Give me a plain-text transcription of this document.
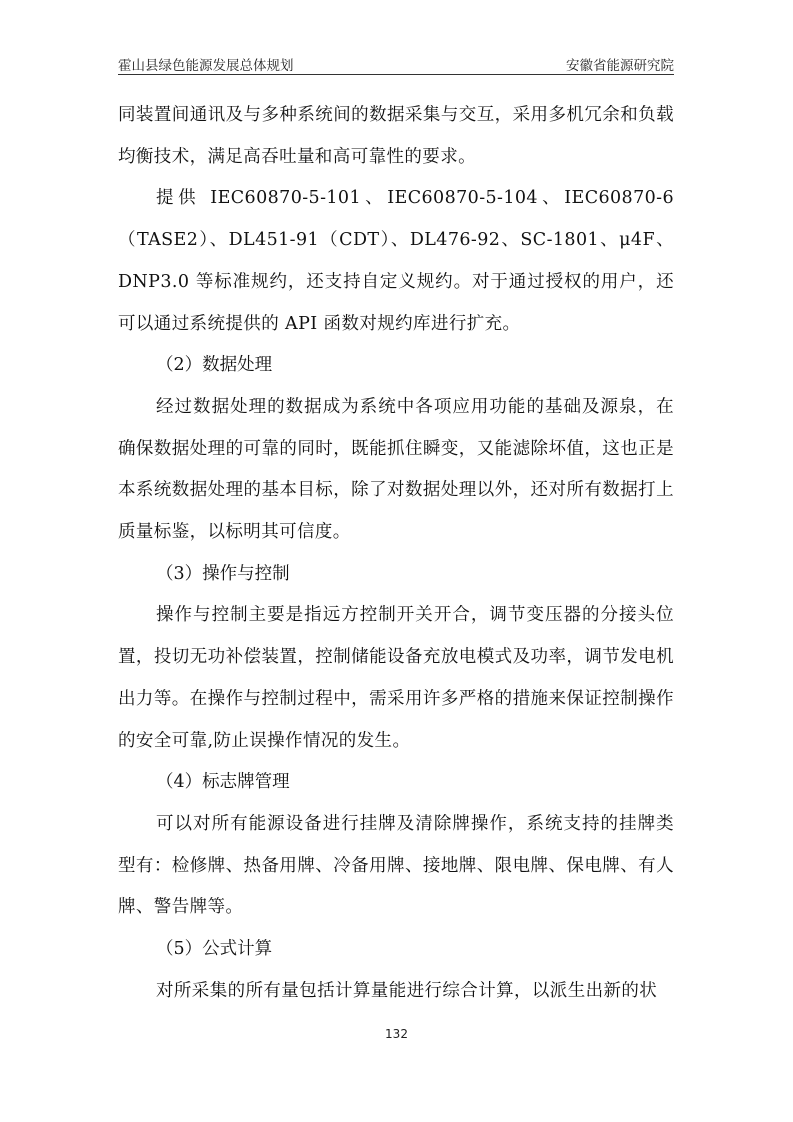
霍山县绿色能源发展总体规划	安徽省能源研究院

同装置间通讯及与多种系统间的数据采集与交互，采用多机冗余和负载均衡技术，满足高吞吐量和高可靠性的要求。

提供 IEC60870-5-101、IEC60870-5-104、IEC60870-6（TASE2）、DL451-91（CDT）、DL476-92、SC-1801、μ4F、DNP3.0 等标准规约，还支持自定义规约。对于通过授权的用户，还可以通过系统提供的 API 函数对规约库进行扩充。

（2）数据处理

经过数据处理的数据成为系统中各项应用功能的基础及源泉，在确保数据处理的可靠的同时，既能抓住瞬变，又能滤除坏值，这也正是本系统数据处理的基本目标，除了对数据处理以外，还对所有数据打上质量标鉴，以标明其可信度。

（3）操作与控制

操作与控制主要是指远方控制开关开合，调节变压器的分接头位置，投切无功补偿装置，控制储能设备充放电模式及功率，调节发电机出力等。在操作与控制过程中，需采用许多严格的措施来保证控制操作的安全可靠,防止误操作情况的发生。

（4）标志牌管理

可以对所有能源设备进行挂牌及清除牌操作，系统支持的挂牌类型有：检修牌、热备用牌、冷备用牌、接地牌、限电牌、保电牌、有人牌、警告牌等。

（5）公式计算

对所采集的所有量包括计算量能进行综合计算，以派生出新的状

132
